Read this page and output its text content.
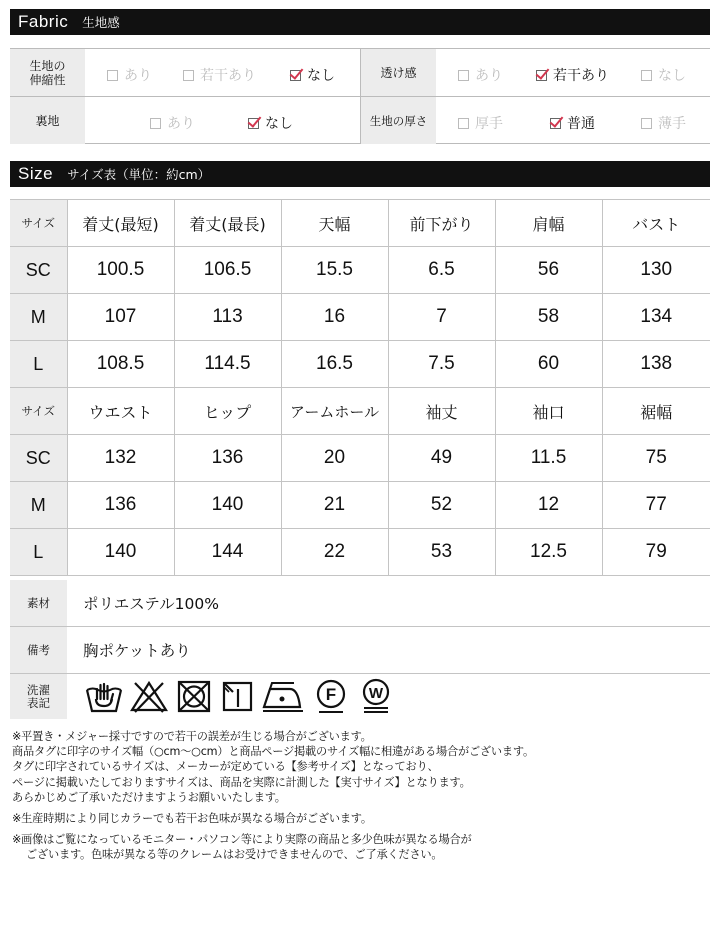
Fabric 生地感
生地の
伸縮性	あり	若干あり	なし	透け感	あり	若干あり	なし
裏地	あり	なし	生地の厚さ	厚手	普通	薄手
Size サイズ表（単位：約cm）
サイズ	着丈(最短)	着丈(最長)	天幅	前下がり	肩幅	バスト
SC	100.5	106.5	15.5	6.5	56	130
M	107	113	16	7	58	134
L	108.5	114.5	16.5	7.5	60	138
サイズ	ウエスト	ヒップ	アームホール	袖丈	袖口	裾幅
SC	132	136	20	49	11.5	75
M	136	140	21	52	12	77
L	140	144	22	53	12.5	79
素材	ポリエステル100%
備考	胸ポケットあり
洗濯
表記	F W

※平置き・メジャー採寸ですので若干の誤差が生じる場合がございます。

商品タグに印字のサイズ幅（○cm〜○cm）と商品ページ掲載のサイズ幅に相違がある場合がございます。

タグに印字されているサイズは、メーカーが定めている【参考サイズ】となっており、

ページに掲載いたしておりますサイズは、商品を実際に計測した【実寸サイズ】となります。

あらかじめご了承いただけますようお願いいたします。

※生産時期により同じカラーでも若干お色味が異なる場合がございます。

※画像はご覧になっているモニター・パソコン等により実際の商品と多少色味が異なる場合が

ございます。色味が異なる等のクレームはお受けできませんので、ご了承ください。
